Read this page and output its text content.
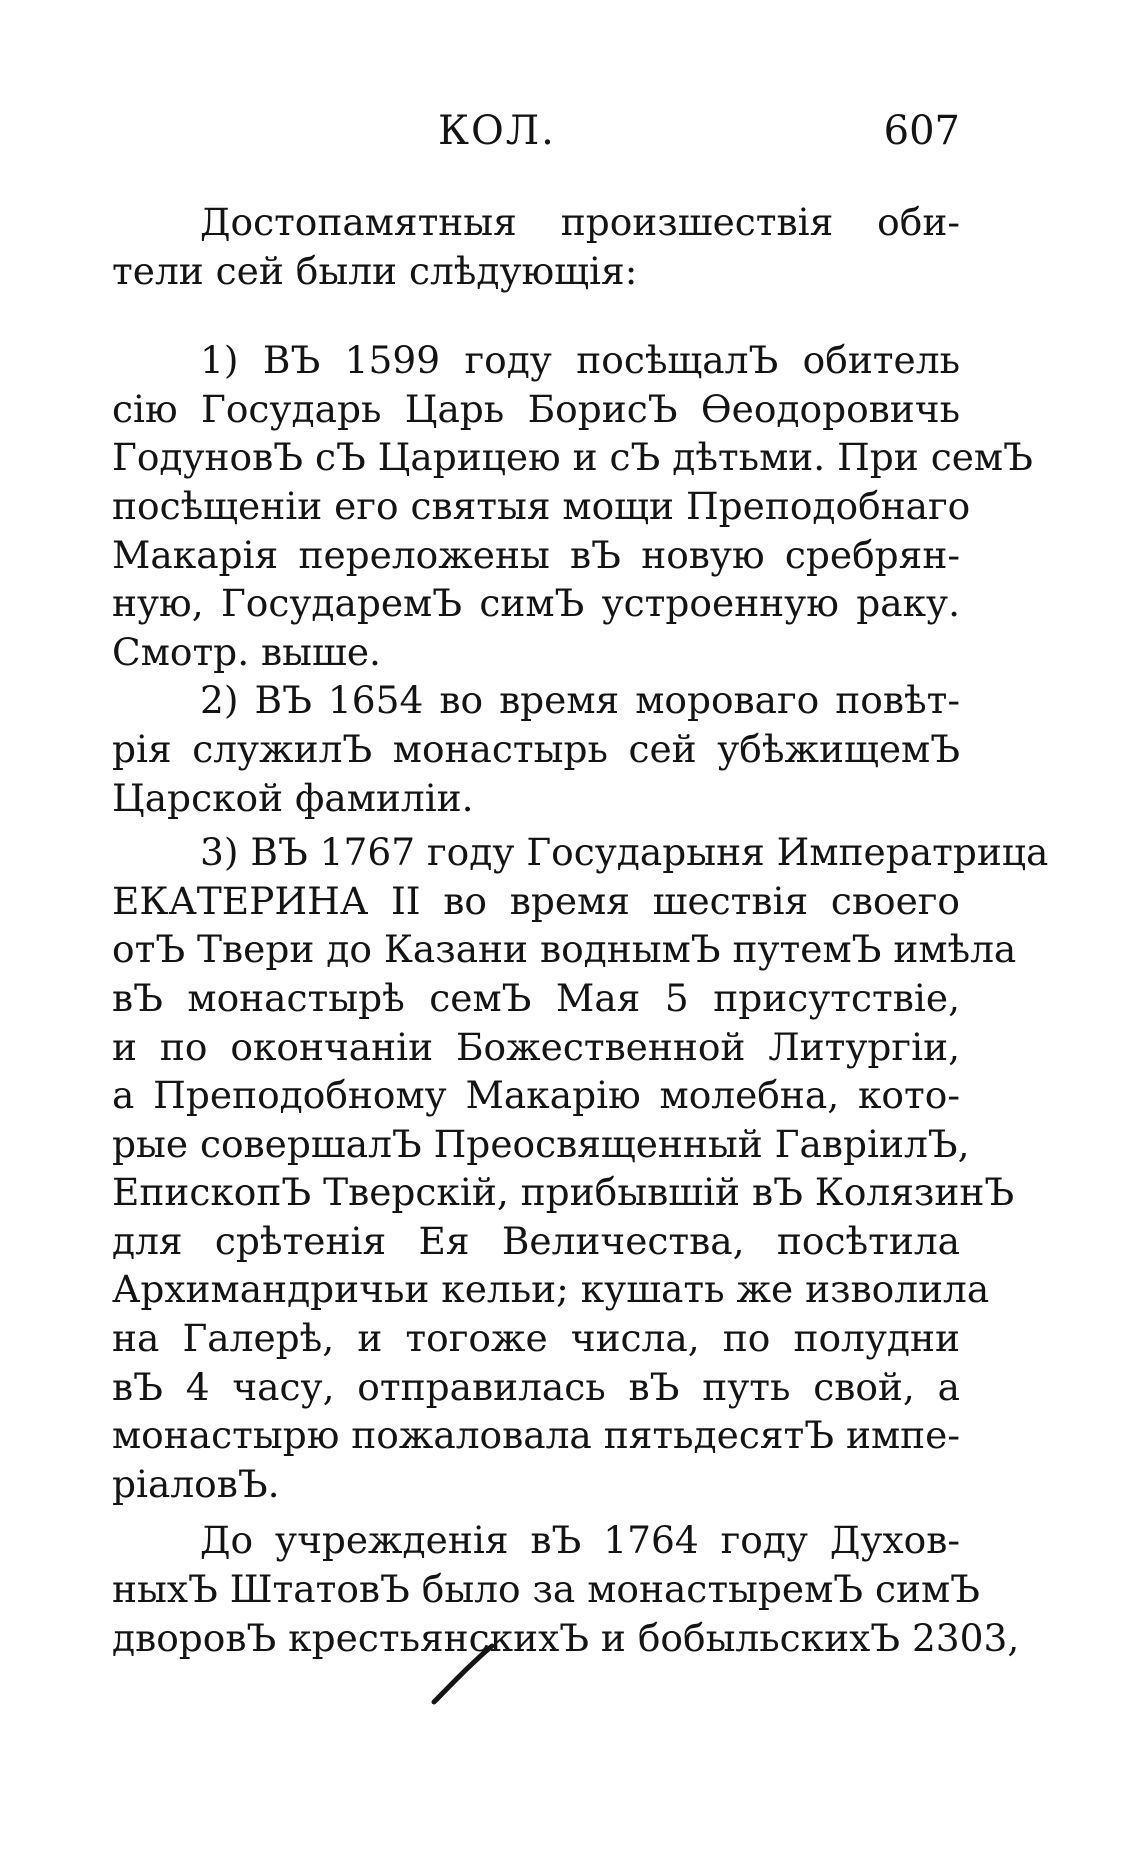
КОЛ.	607

Достопамятныя произшествія оби-
тели сей были слѣдующія:

1) ВЪ 1599 году посѣщалЪ обитель
сію Государь Царь БорисЪ Ѳеодоровичь
ГодуновЪ сЪ Царицею и сЪ дѣтьми. При семЪ
посѣщеніи его святыя мощи Преподобнаго
Макарія переложены вЪ новую сребрян-
ную, ГосударемЪ симЪ устроенную раку.
Смотр. выше.

2) ВЪ 1654 во время мороваго повѣт-
рія служилЪ монастырь сей убѣжищемЪ
Царской фамиліи.

3) ВЪ 1767 году Государыня Императрица
ЕКАТЕРИНА II во время шествія своего
отЪ Твери до Казани воднымЪ путемЪ имѣла
вЪ монастырѣ семЪ Мая 5 присутствіе,
и по окончаніи Божественной Литургіи,
а Преподобному Макарію молебна, кото-
рые совершалЪ Преосвященный ГавріилЪ,
ЕпископЪ Тверскій, прибывшій вЪ КолязинЪ
для срѣтенія Ея Величества, посѣтила
Архимандричьи кельи; кушать же изволила
на Галерѣ, и тогоже числа, по полудни
вЪ 4 часу, отправилась вЪ путь свой, а
монастырю пожаловала пятьдесятЪ импе-
ріаловЪ.

До учрежденія вЪ 1764 году Духов-
ныхЪ ШтатовЪ было за монастыремЪ симЪ
дворовЪ крестьянскихЪ и бобыльскихЪ 2303,
